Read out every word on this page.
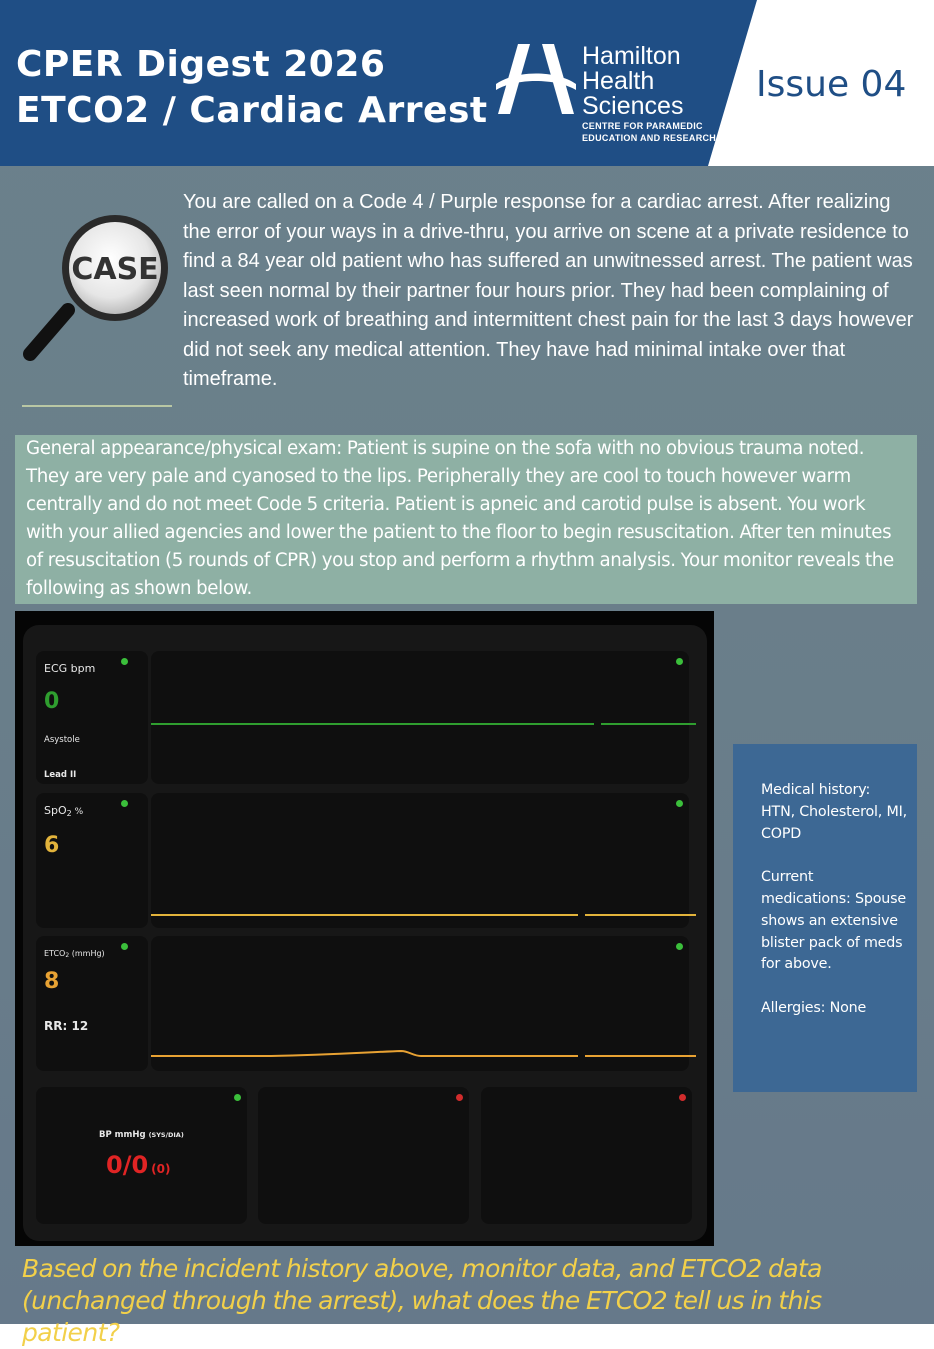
CPER Digest 2026
ETCO2 / Cardiac Arrest
Hamilton
Health
Sciences
CENTRE FOR PARAMEDIC
EDUCATION AND RESEARCH
Issue 04
CASE
You are called on a Code 4 / Purple response for a cardiac arrest. After realizing the error of your ways in a drive-thru, you arrive on scene at a private residence to find a 84 year old patient who has suffered an unwitnessed arrest. The patient was last seen normal by their partner four hours prior. They had been complaining of increased work of breathing and intermittent chest pain for the last 3 days however did not seek any medical attention. They have had minimal intake over that timeframe.

General appearance/physical exam: Patient is supine on the sofa with no obvious trauma noted. They are very pale and cyanosed to the lips. Peripherally they are cool to touch however warm centrally and do not meet Code 5 criteria. Patient is apneic and carotid pulse is absent. You work with your allied agencies and lower the patient to the floor to begin resuscitation. After ten minutes of resuscitation (5 rounds of CPR) you stop and perform a rhythm analysis. Your monitor reveals the following as shown below.

ECG bpm
0
Asystole
Lead II
SpO2 %
6
ETCO2 (mmHg)
8
RR: 12
BP mmHg (SYS/DIA)
0/0 (0)

Medical history: HTN, Cholesterol, MI, COPD

Current medications: Spouse shows an extensive blister pack of meds for above.

Allergies: None

Based on the incident history above, monitor data, and ETCO2 data (unchanged through the arrest), what does the ETCO2 tell us in this patient?
